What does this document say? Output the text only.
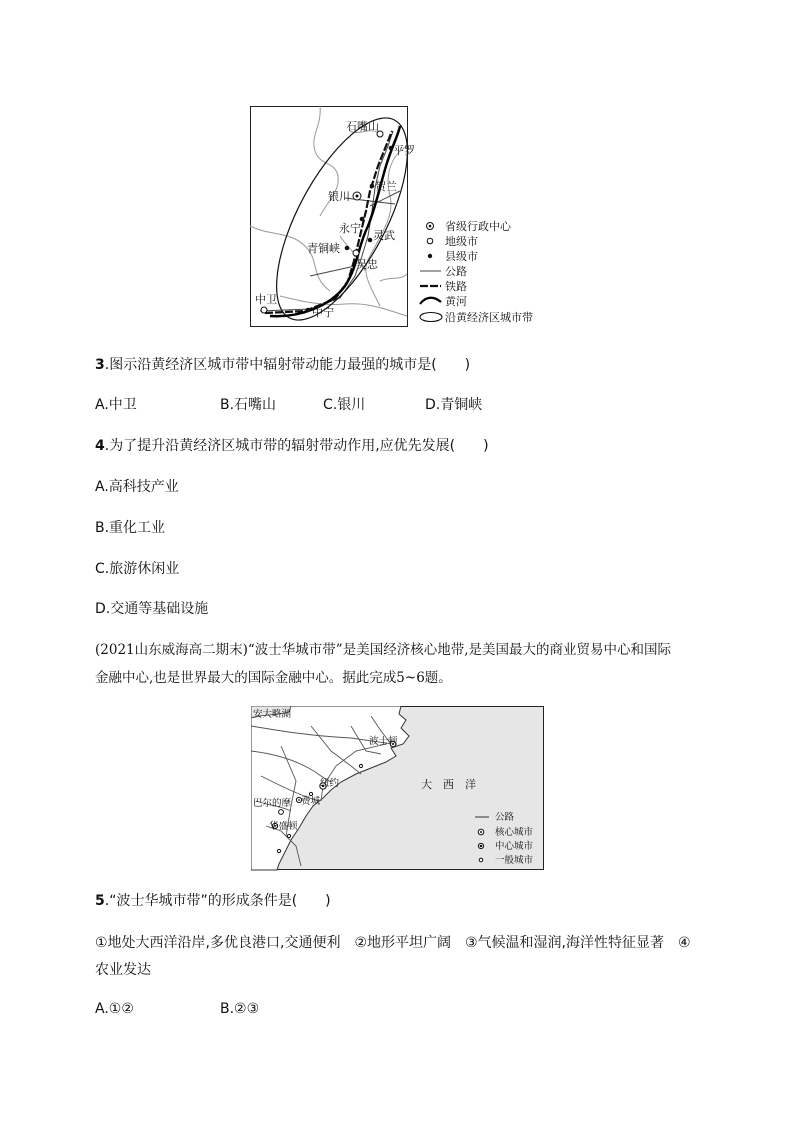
石嘴山
平罗
贺兰
银川
永宁
灵武
青铜峡
吴忠
中卫
中宁
省级行政中心
地级市
县级市
公路
铁路
黄河
沿黄经济区城市带
3.图示沿黄经济区城市带中辐射带动能力最强的城市是(　　)
A.中卫	B.石嘴山	C.银川	D.青铜峡
4.为了提升沿黄经济区城市带的辐射带动作用,应优先发展(　　)
A.高科技产业
B.重化工业
C.旅游休闲业
D.交通等基础设施
(2021山东威海高二期末)“波士华城市带”是美国经济核心地带,是美国最大的商业贸易中心和国际
金融中心,也是世界最大的国际金融中心。据此完成5~6题。
安大略湖
波士顿
纽约
费城
巴尔的摩
华盛顿
大　西　洋
公路
核心城市
中心城市
一般城市
5.“波士华城市带”的形成条件是(　　)
①地处大西洋沿岸,多优良港口,交通便利　②地形平坦广阔　③气候温和湿润,海洋性特征显著　④
农业发达
A.①②	B.②③
